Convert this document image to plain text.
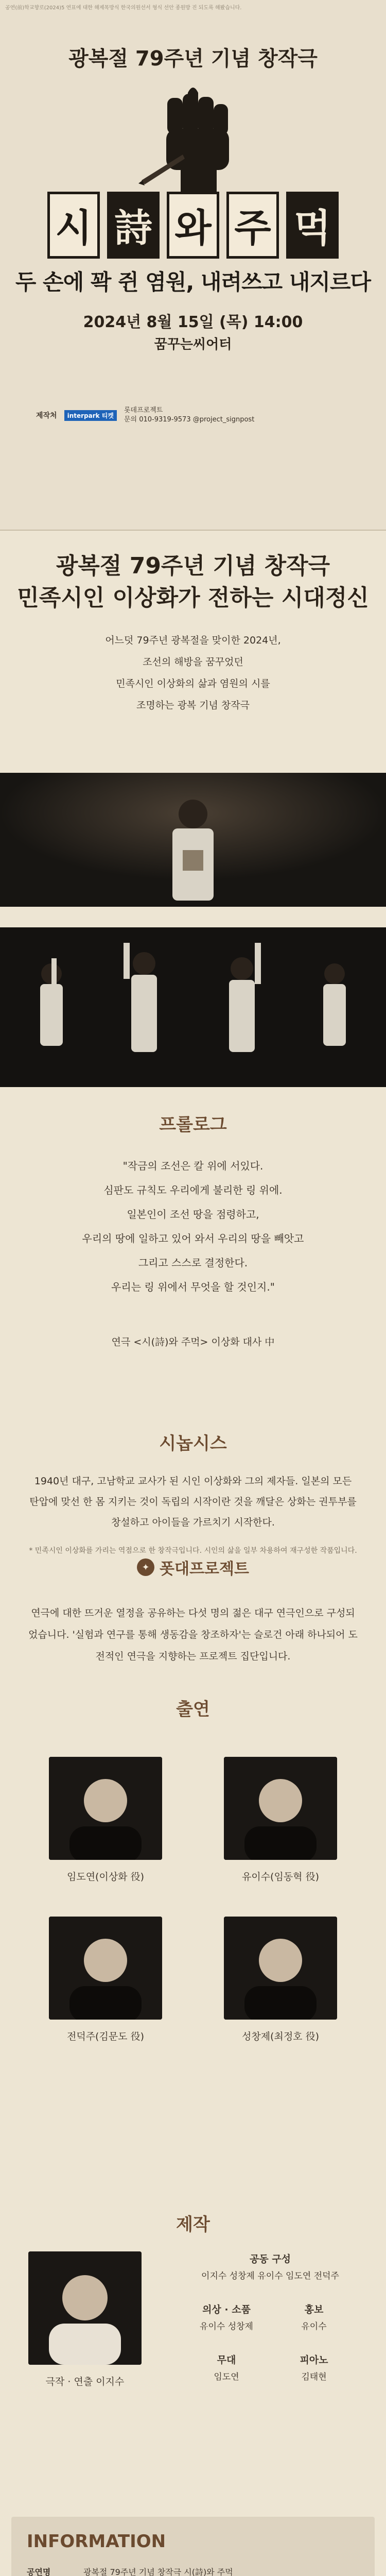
공연(前)학교향로(2024)5 연표에 대한 해제목방식 한국의원선서 형식 선안 종원방 진 되도록 해봤습니다.
광복절 79주년 기념 창작극
시 詩 와 주 먹
두 손에 꽉 쥔 염원, 내려쓰고 내지르다
2024년 8월 15일 (목) 14:00
꿈꾸는씨어터
제작처	interpark 티켓
롯데프로젝트
문의 010-9319-9573 @project_signpost
광복절 79주년 기념 창작극
민족시인 이상화가 전하는 시대정신
어느덧 79주년 광복절을 맞이한 2024년,
조선의 해방을 꿈꾸었던
민족시인 이상화의 삶과 염원의 시를
조명하는 광복 기념 창작극
프롤로그
"작금의 조선은 칼 위에 서있다.
심판도 규칙도 우리에게 불리한 링 위에.
일본인이 조선 땅을 점령하고,
우리의 땅에 일하고 있어 와서 우리의 땅을 빼앗고
그리고 스스로 결정한다.
우리는 링 위에서 무엇을 할 것인지."
연극 <시(詩)와 주먹> 이상화 대사 中
시놉시스
1940년 대구, 고남학교 교사가 된 시인 이상화와 그의 제자들. 일본의 모든 탄압에 맞선 한 몸 지키는 것이 독립의 시작이란 것을 깨달은 상화는 권투부를 창설하고 아이들을 가르치기 시작한다.
* 민족시인 이상화를 가리는 역점으로 한 창작극입니다. 시인의 삶을 일부 차용하여 재구성한 작품입니다.
✦ 폿대프로젝트
연극에 대한 뜨거운 열정을 공유하는 다섯 명의 젊은 대구 연극인으로 구성되었습니다. '실험과 연구를 통해 생동감을 창조하자'는 슬로건 아래 하나되어 도전적인 연극을 지향하는 프로젝트 집단입니다.
출연
임도연(이상화 役)	유이수(임동혁 役)
전덕주(김문도 役)	성창제(최정호 役)
제작
극작 · 연출 이지수
공동 구성
이지수 성창제 유이수 임도연 전덕주
의상 · 소품
유이수 성창제
홍보
유이수
무대
임도연
피아노
김태현
INFORMATION
공연명	광복절 79주년 기념 창작극 시(詩)와 주먹
